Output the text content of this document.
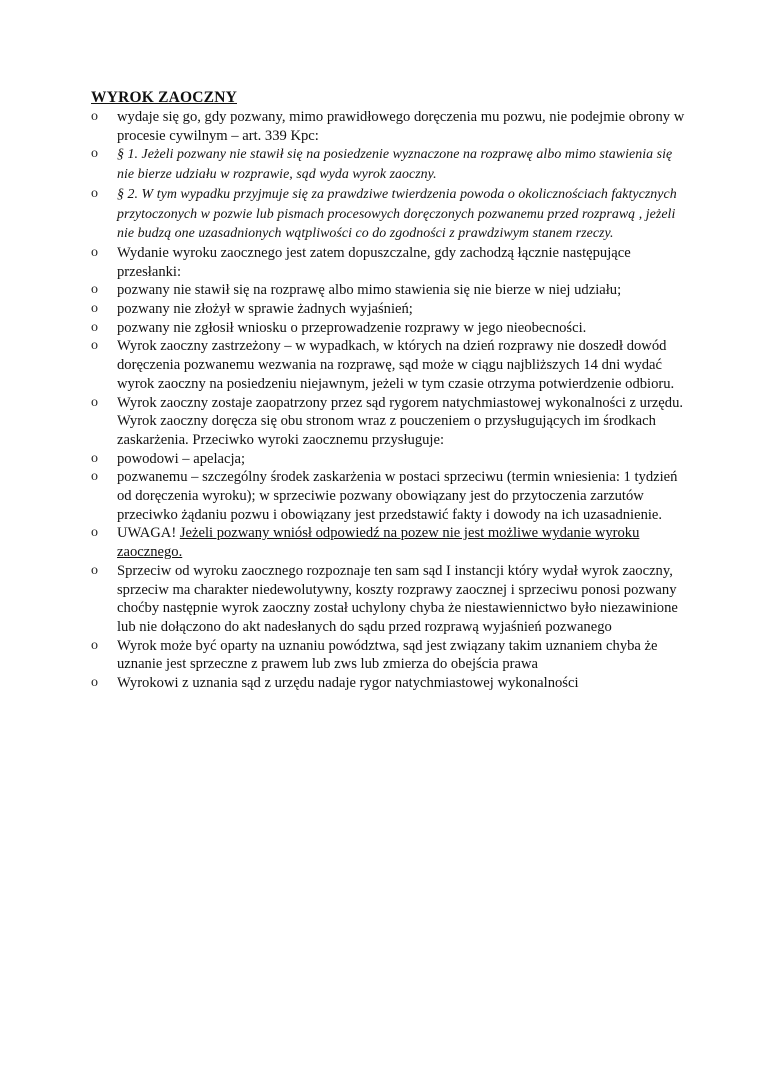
WYROK ZAOCZNY
o wydaje się go, gdy pozwany, mimo prawidłowego doręczenia mu pozwu, nie podejmie obrony w procesie cywilnym – art. 339 Kpc:
o § 1. Jeżeli pozwany nie stawił się na posiedzenie wyznaczone na rozprawę albo mimo stawienia się nie bierze udziału w rozprawie, sąd wyda wyrok zaoczny.
o § 2. W tym wypadku przyjmuje się za prawdziwe twierdzenia powoda o okolicznościach faktycznych przytoczonych w pozwie lub pismach procesowych doręczonych pozwanemu przed rozprawą , jeżeli nie budzą one uzasadnionych wątpliwości co do zgodności z prawdziwym stanem rzeczy.
o Wydanie wyroku zaocznego jest zatem dopuszczalne, gdy zachodzą łącznie następujące przesłanki:
o pozwany nie stawił się na rozprawę albo mimo stawienia się nie bierze w niej udziału;
o pozwany nie złożył w sprawie żadnych wyjaśnień;
o pozwany nie zgłosił wniosku o przeprowadzenie rozprawy w jego nieobecności.
o Wyrok zaoczny zastrzeżony – w wypadkach, w których na dzień rozprawy nie doszedł dowód doręczenia pozwanemu wezwania na rozprawę, sąd może w ciągu najbliższych 14 dni wydać wyrok zaoczny na posiedzeniu niejawnym, jeżeli w tym czasie otrzyma potwierdzenie odbioru.
o Wyrok zaoczny zostaje zaopatrzony przez sąd rygorem natychmiastowej wykonalności z urzędu. Wyrok zaoczny doręcza się obu stronom wraz z pouczeniem o przysługujących im środkach zaskarżenia. Przeciwko wyroki zaocznemu przysługuje:
o powodowi – apelacja;
o pozwanemu – szczególny środek zaskarżenia w postaci sprzeciwu (termin wniesienia: 1 tydzień od doręczenia wyroku); w sprzeciwie pozwany obowiązany jest do przytoczenia zarzutów przeciwko żądaniu pozwu i obowiązany jest przedstawić fakty i dowody na ich uzasadnienie.
o UWAGA! Jeżeli pozwany wniósł odpowiedź na pozew nie jest możliwe wydanie wyroku zaocznego.
o Sprzeciw od wyroku zaocznego rozpoznaje ten sam sąd I instancji który wydał wyrok zaoczny, sprzeciw ma charakter niedewolutywny, koszty rozprawy zaocznej i sprzeciwu ponosi pozwany choćby następnie wyrok zaoczny został uchylony chyba że niestawiennictwo było niezawinione lub nie dołączono do akt nadesłanych do sądu przed rozprawą wyjaśnień pozwanego
o Wyrok może być oparty na uznaniu powództwa, sąd jest związany takim uznaniem chyba że uznanie jest sprzeczne z prawem lub zws lub zmierza do obejścia prawa
o Wyrokowi z uznania sąd z urzędu nadaje rygor natychmiastowej wykonalności
